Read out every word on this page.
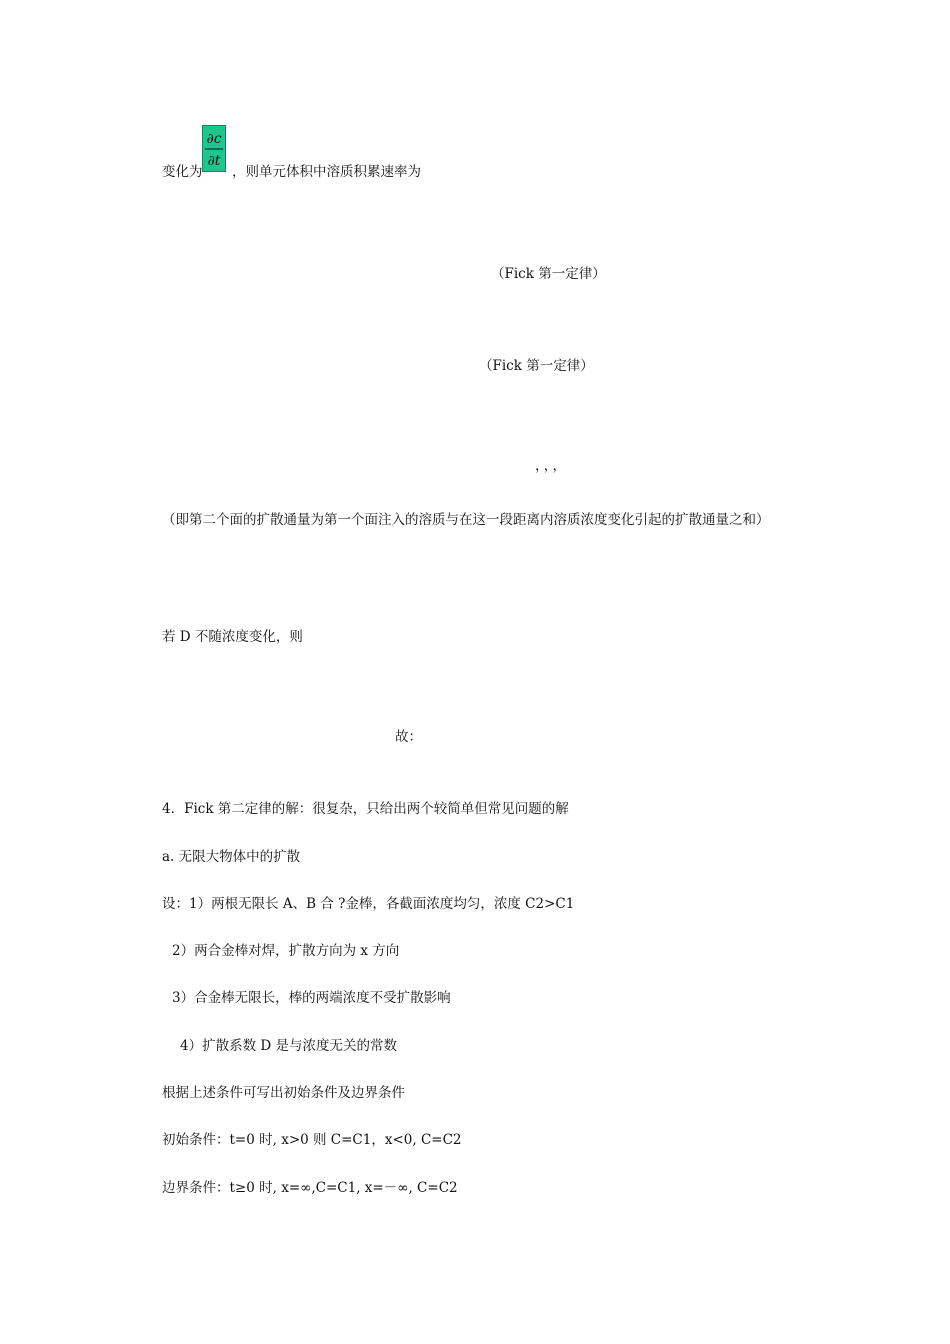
变化为
∂c
∂t
，则单元体积中溶质积累速率为
（Fick 第一定律）
（Fick 第一定律）
，，，
（即第二个面的扩散通量为第一个面注入的溶质与在这一段距离内溶质浓度变化引起的扩散通量之和）
若 D 不随浓度变化，则
故：
4．Fick 第二定律的解：很复杂，只给出两个较简单但常见问题的解
a. 无限大物体中的扩散
设：1）两根无限长 A、B 合 ?金棒，各截面浓度均匀，浓度 C2>C1
2）两合金棒对焊，扩散方向为 x 方向
3）合金棒无限长，棒的两端浓度不受扩散影响
4）扩散系数 D 是与浓度无关的常数
根据上述条件可写出初始条件及边界条件
初始条件：t=0 时, x>0 则 C=C1，x<0, C=C2
边界条件：t≥0 时, x=∞,C=C1, x=－∞, C=C2
